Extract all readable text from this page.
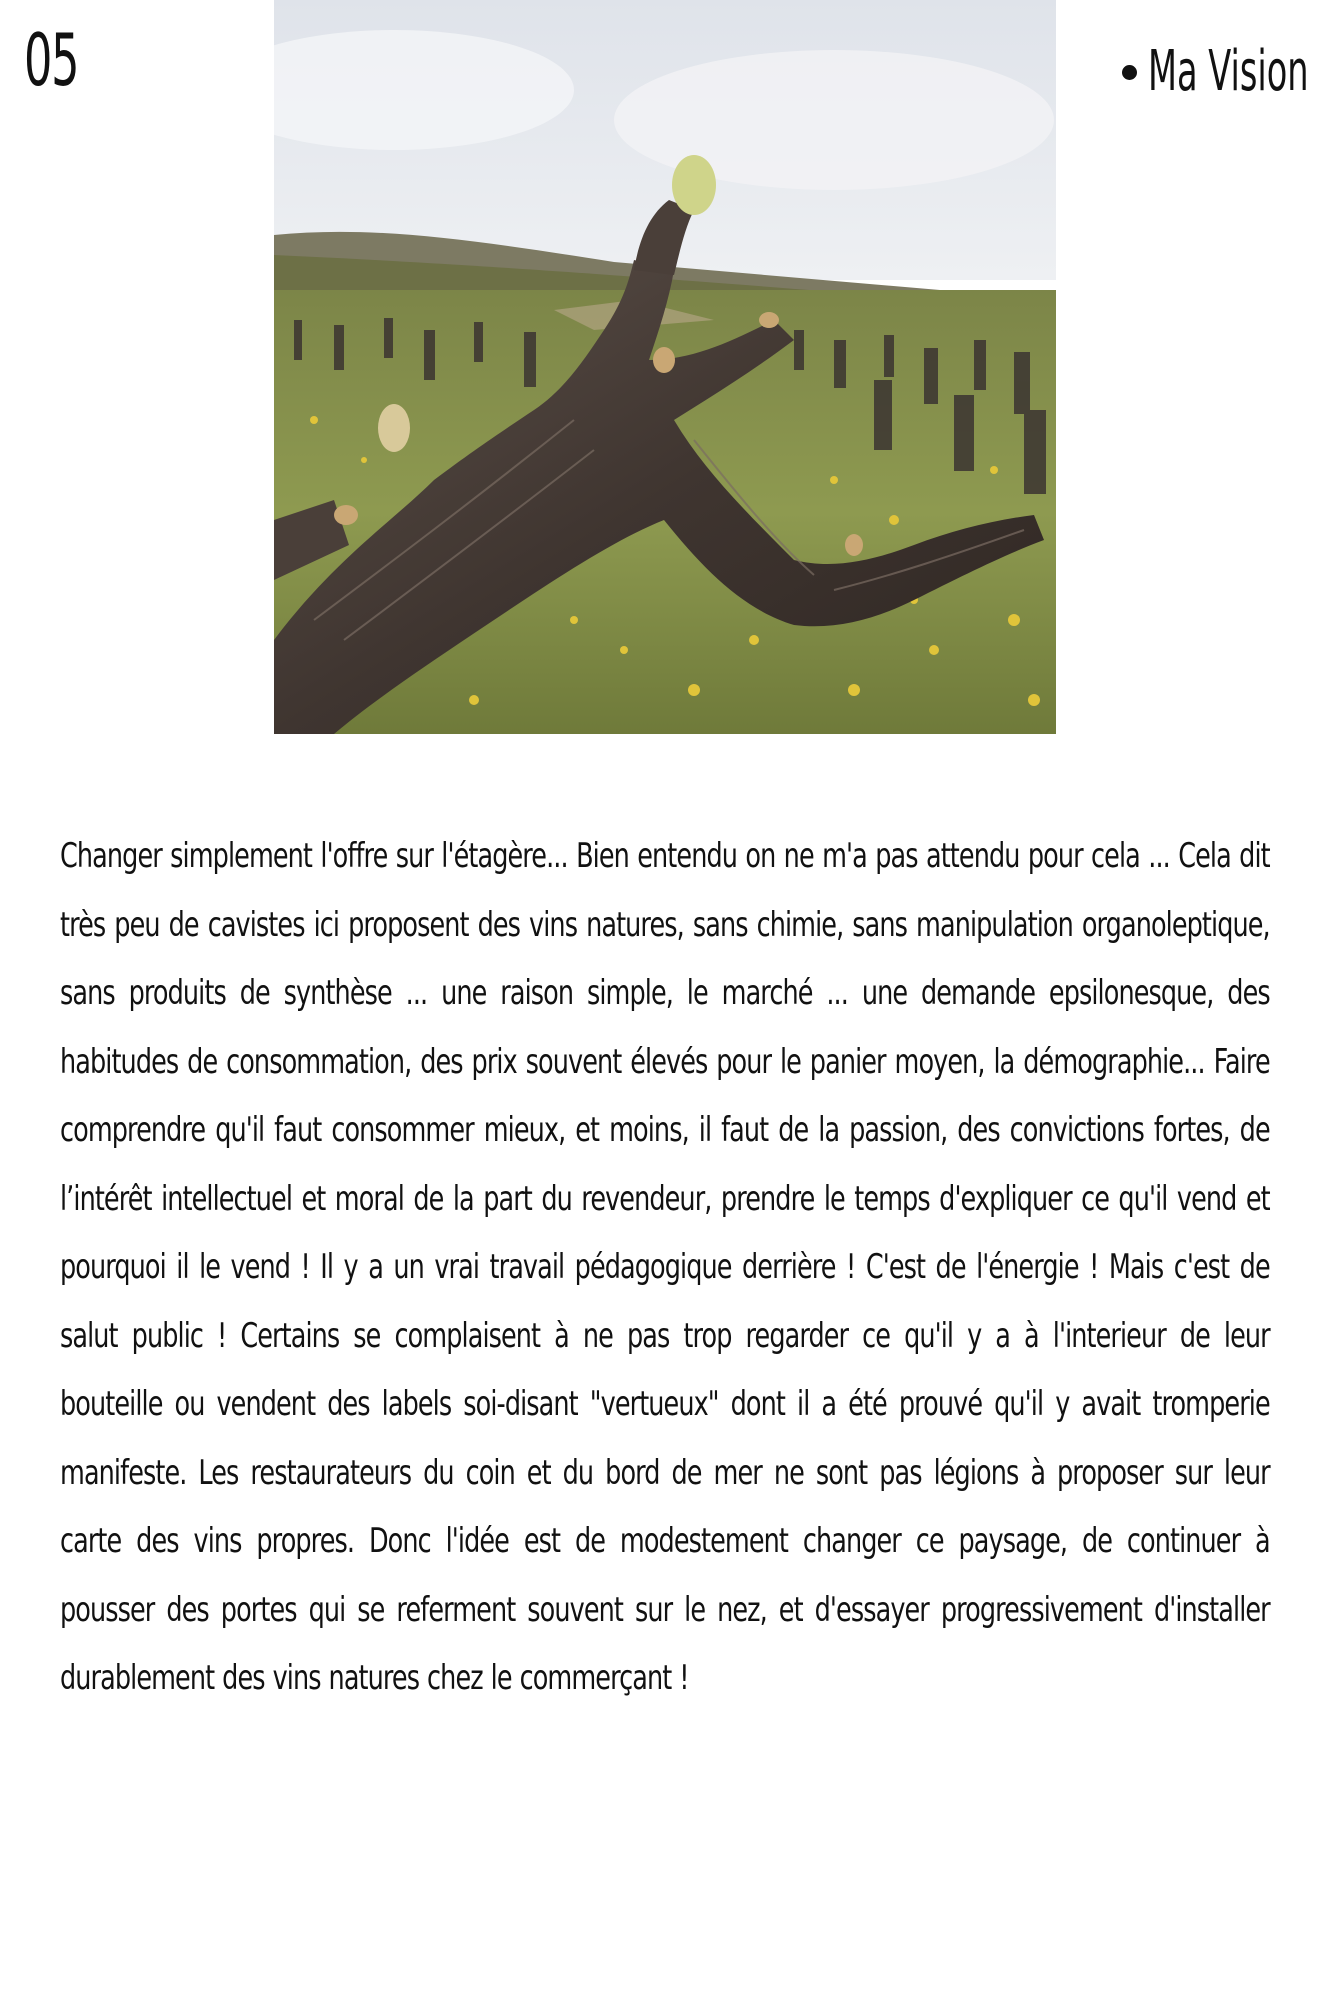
05	Ma Vision
Changer simplement l'offre sur l'étagère... Bien entendu on ne m'a pas attendu pour cela ... Cela dit très peu de cavistes ici proposent des vins natures, sans chimie, sans manipulation organoleptique, sans produits de synthèse ... une raison simple, le marché ... une demande epsilonesque, des habitudes de consommation, des prix souvent élevés pour le panier moyen, la démographie... Faire comprendre qu'il faut consommer mieux, et moins, il faut de la passion, des convictions fortes, de l’intérêt intellectuel et moral de la part du revendeur, prendre le temps d'expliquer ce qu'il vend et pourquoi il le vend ! Il y a un vrai travail pédagogique derrière ! C'est de l'énergie ! Mais c'est de salut public ! Certains se complaisent à ne pas trop regarder ce qu'il y a à l'interieur de leur bouteille ou vendent des labels soi-disant "vertueux" dont il a été prouvé qu'il y avait tromperie manifeste. Les restaurateurs du coin et du bord de mer ne sont pas légions à proposer sur leur carte des vins propres. Donc l'idée est de modestement changer ce paysage, de continuer à pousser des portes qui se referment souvent sur le nez, et d'essayer progressivement d'installer durablement des vins natures chez le commerçant !
